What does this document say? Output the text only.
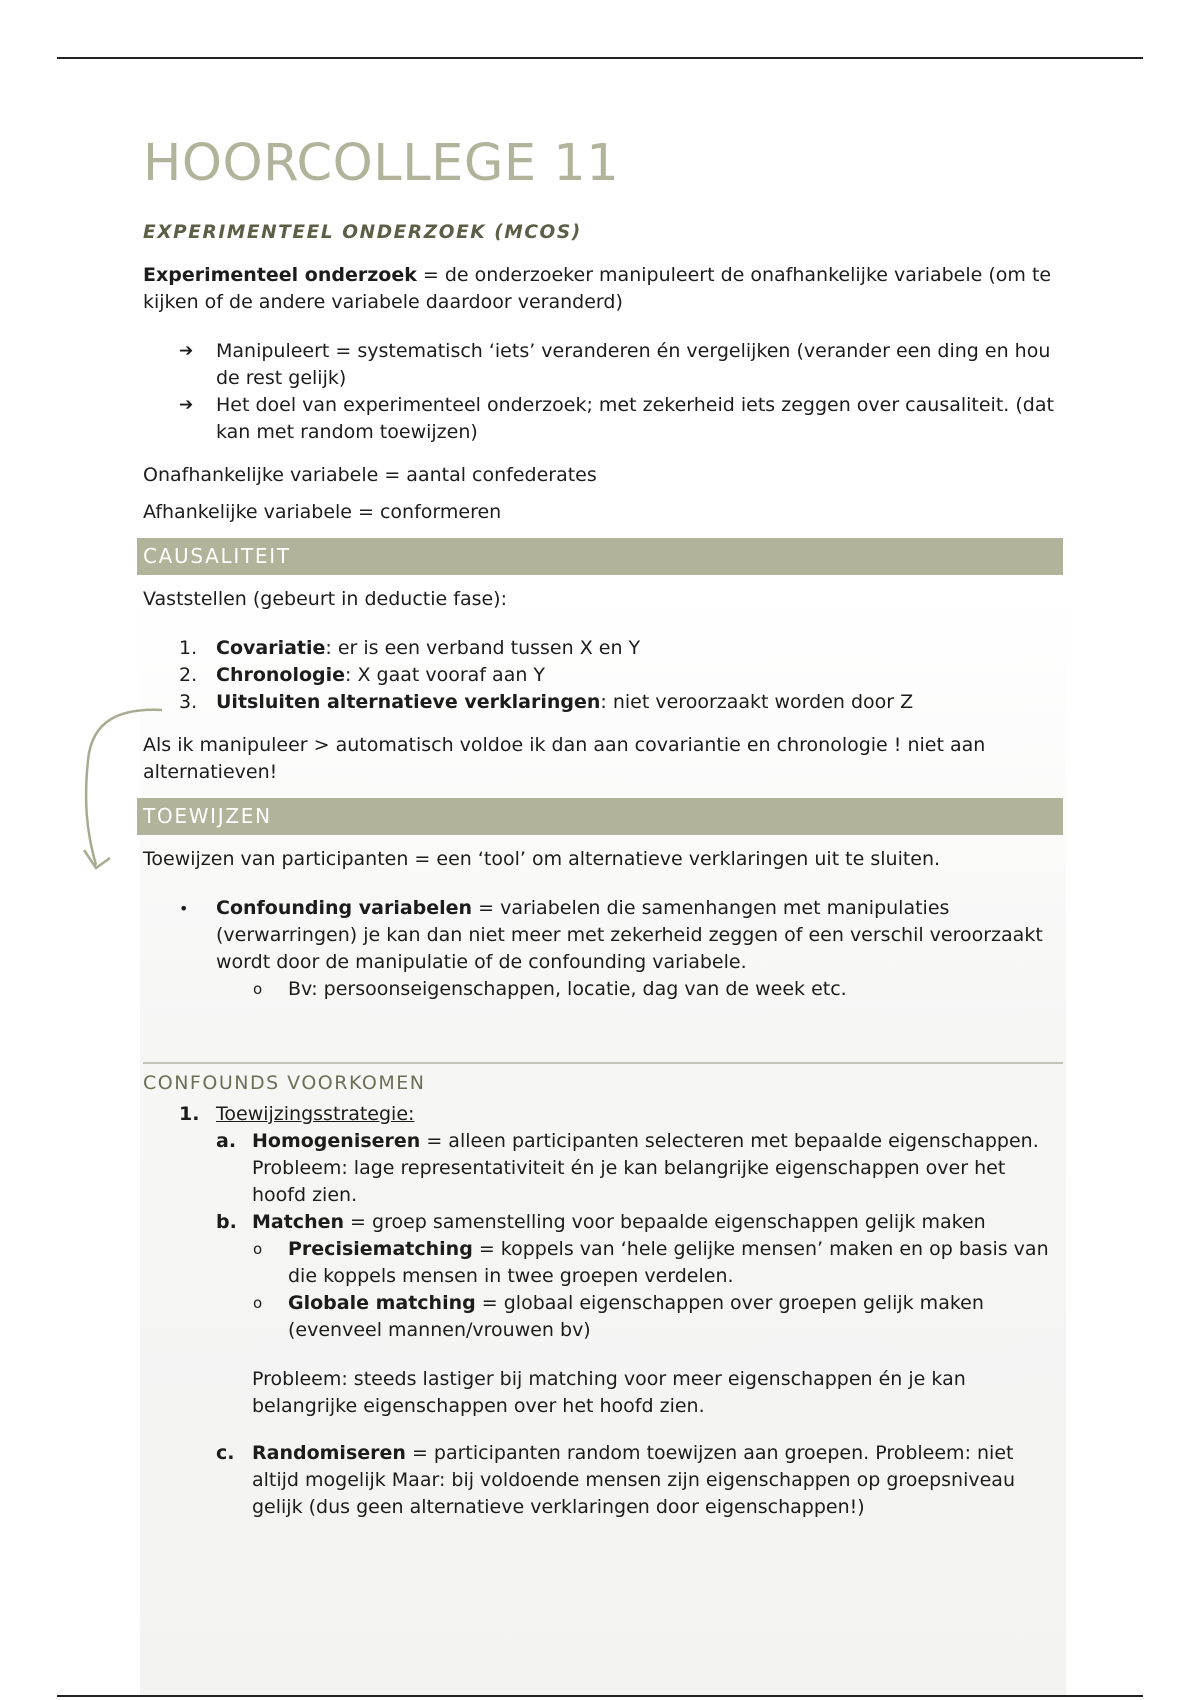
HOORCOLLEGE 11
EXPERIMENTEEL ONDERZOEK (MCOS)

Experimenteel onderzoek = de onderzoeker manipuleert de onafhankelijke variabele (om te kijken of de andere variabele daardoor veranderd)

➔ Manipuleert = systematisch ‘iets’ veranderen én vergelijken (verander een ding en hou de rest gelijk)
➔ Het doel van experimenteel onderzoek; met zekerheid iets zeggen over causaliteit. (dat kan met random toewijzen)

Onafhankelijke variabele = aantal confederates

Afhankelijke variabele = conformeren

CAUSALITEIT

Vaststellen (gebeurt in deductie fase):

1. Covariatie: er is een verband tussen X en Y
2. Chronologie: X gaat vooraf aan Y
3. Uitsluiten alternatieve verklaringen: niet veroorzaakt worden door Z

Als ik manipuleer > automatisch voldoe ik dan aan covariantie en chronologie ! niet aan alternatieven!

TOEWIJZEN

Toewijzen van participanten = een ‘tool’ om alternatieve verklaringen uit te sluiten.

• Confounding variabelen = variabelen die samenhangen met manipulaties (verwarringen) je kan dan niet meer met zekerheid zeggen of een verschil veroorzaakt wordt door de manipulatie of de confounding variabele.
o Bv: persoonseigenschappen, locatie, dag van de week etc.
CONFOUNDS VOORKOMEN
1. Toewijzingsstrategie:
a. Homogeniseren = alleen participanten selecteren met bepaalde eigenschappen. Probleem: lage representativiteit én je kan belangrijke eigenschappen over het hoofd zien.
b. Matchen = groep samenstelling voor bepaalde eigenschappen gelijk maken
o Precisiematching = koppels van ‘hele gelijke mensen’ maken en op basis van die koppels mensen in twee groepen verdelen.
o Globale matching = globaal eigenschappen over groepen gelijk maken (evenveel mannen/vrouwen bv)

Probleem: steeds lastiger bij matching voor meer eigenschappen én je kan belangrijke eigenschappen over het hoofd zien.

c. Randomiseren = participanten random toewijzen aan groepen. Probleem: niet altijd mogelijk Maar: bij voldoende mensen zijn eigenschappen op groepsniveau gelijk (dus geen alternatieve verklaringen door eigenschappen!)
